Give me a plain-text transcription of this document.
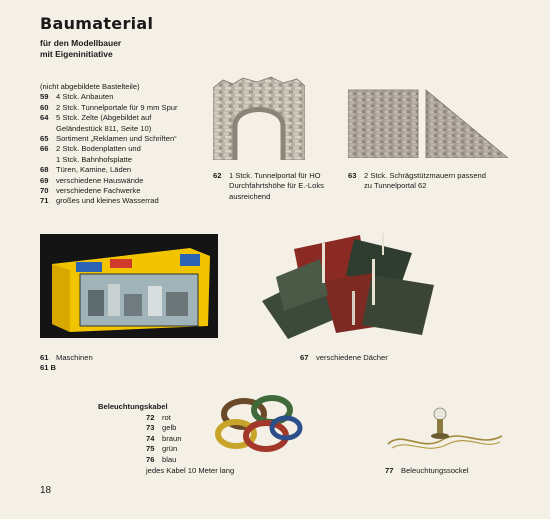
Baumaterial
für den Modellbauer
mit Eigeninitiative
(nicht abgebildete Bastelteile)
59 4 Stck. Anbauten
60 2 Stck. Tunnelportale für 9 mm Spur
64 5 Stck. Zelte (Abgebildet auf
Geländestück 811, Seite 10)
65 Sortiment „Reklamen und Schriften“
66 2 Stck. Bodenplatten und
1 Stck. Bahnhofsplatte
68 Türen, Kamine, Läden
69 verschiedene Hauswände
70 verschiedene Fachwerke
71 großes und kleines Wasserrad
62 1 Stck. Tunnelportal für HO
Durchfahrtshöhe für E.-Loks
ausreichend
63 2 Stck. Schrägstützmauern passend
zu Tunnelportal 62
61 Maschinen
61 B
67 verschiedene Dächer
Beleuchtungskabel
72 rot
73 gelb
74 braun
75 grün
76 blau
jedes Kabel 10 Meter lang	77 Beleuchtungssockel
18
